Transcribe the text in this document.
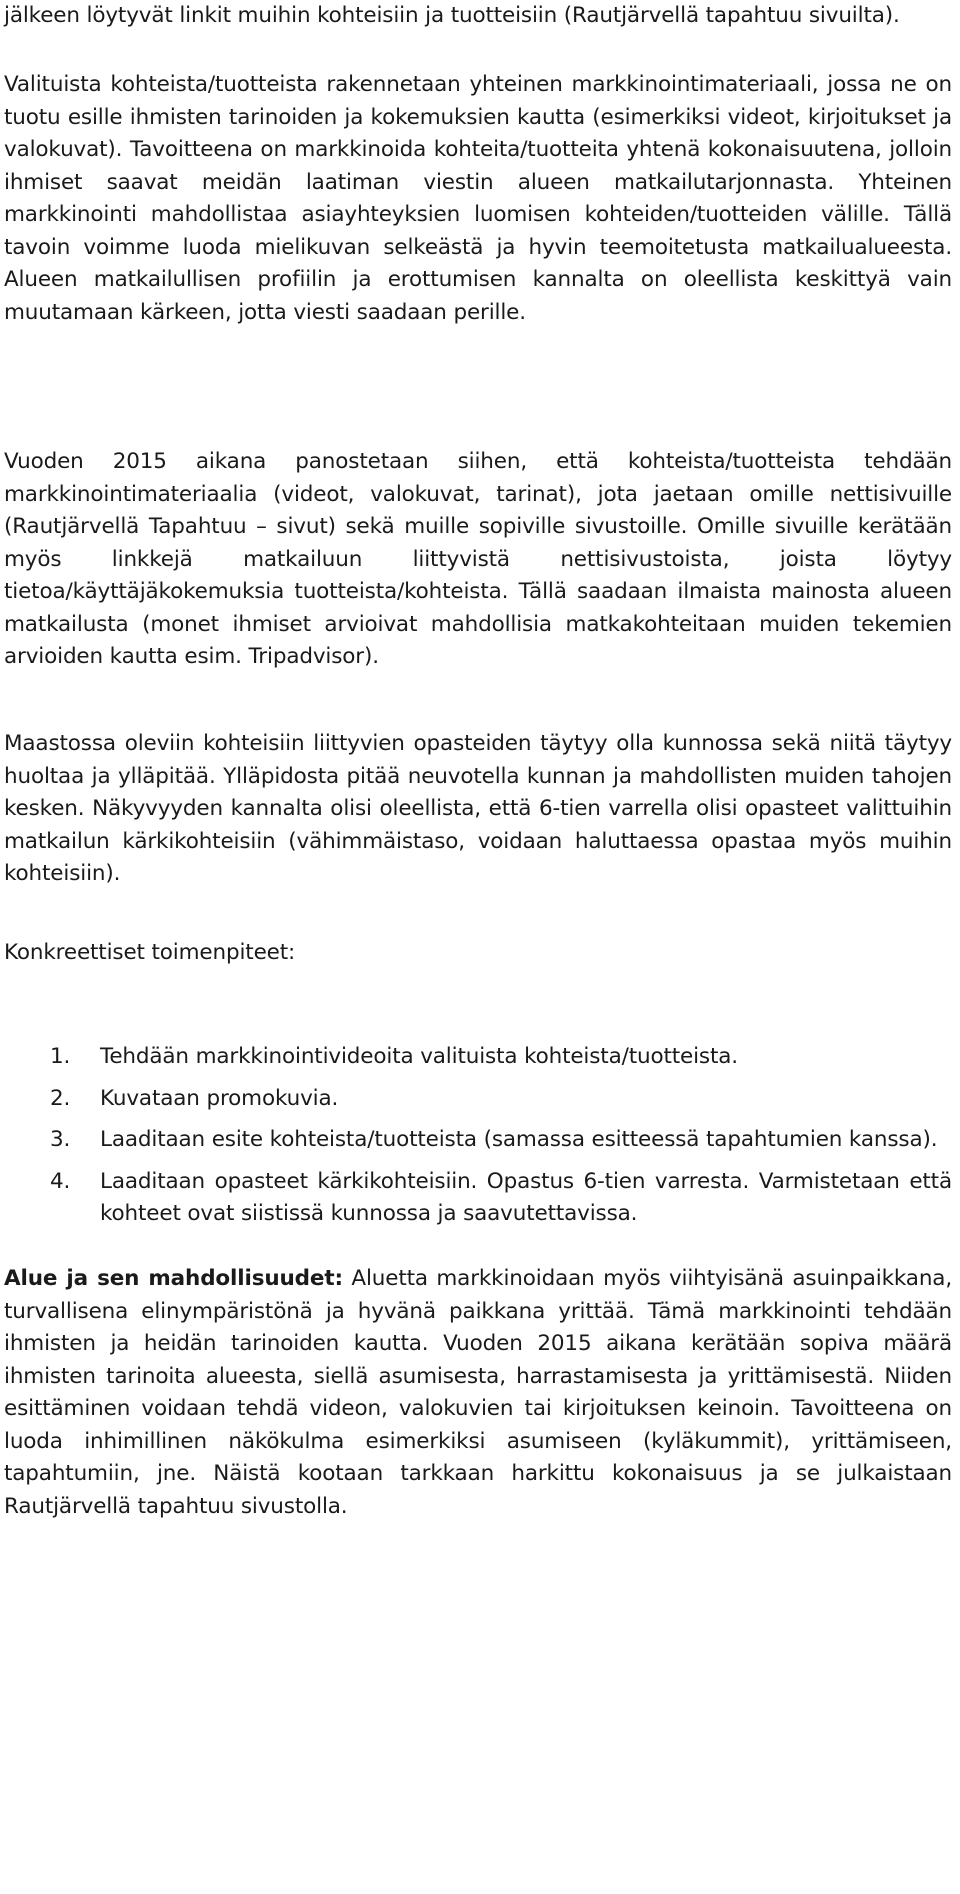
jälkeen löytyvät linkit muihin kohteisiin ja tuotteisiin (Rautjärvellä tapahtuu sivuilta).

Valituista kohteista/tuotteista rakennetaan yhteinen markkinointimateriaali, jossa ne on tuotu esille ihmisten tarinoiden ja kokemuksien kautta (esimerkiksi videot, kirjoitukset ja valokuvat). Tavoitteena on markkinoida kohteita/tuotteita yhtenä kokonaisuutena, jolloin ihmiset saavat meidän laatiman viestin alueen matkailutarjonnasta. Yhteinen markkinointi mahdollistaa asiayhteyksien luomisen kohteiden/tuotteiden välille. Tällä tavoin voimme luoda mielikuvan selkeästä ja hyvin teemoitetusta matkailualueesta. Alueen matkailullisen profiilin ja erottumisen kannalta on oleellista keskittyä vain muutamaan kärkeen, jotta viesti saadaan perille.

Vuoden 2015 aikana panostetaan siihen, että kohteista/tuotteista tehdään markkinointimateriaalia (videot, valokuvat, tarinat), jota jaetaan omille nettisivuille (Rautjärvellä Tapahtuu – sivut) sekä muille sopiville sivustoille. Omille sivuille kerätään myös linkkejä matkailuun liittyvistä nettisivustoista, joista löytyy tietoa/käyttäjäkokemuksia tuotteista/kohteista. Tällä saadaan ilmaista mainosta alueen matkailusta (monet ihmiset arvioivat mahdollisia matkakohteitaan muiden tekemien arvioiden kautta esim. Tripadvisor).

Maastossa oleviin kohteisiin liittyvien opasteiden täytyy olla kunnossa sekä niitä täytyy huoltaa ja ylläpitää. Ylläpidosta pitää neuvotella kunnan ja mahdollisten muiden tahojen kesken. Näkyvyyden kannalta olisi oleellista, että 6-tien varrella olisi opasteet valittuihin matkailun kärkikohteisiin (vähimmäistaso, voidaan haluttaessa opastaa myös muihin kohteisiin).

Konkreettiset toimenpiteet:

1. Tehdään markkinointivideoita valituista kohteista/tuotteista.
2. Kuvataan promokuvia.
3. Laaditaan esite kohteista/tuotteista (samassa esitteessä tapahtumien kanssa).
4. Laaditaan opasteet kärkikohteisiin. Opastus 6-tien varresta. Varmistetaan että kohteet ovat siistissä kunnossa ja saavutettavissa.

Alue ja sen mahdollisuudet: Aluetta markkinoidaan myös viihtyisänä asuinpaikkana, turvallisena elinympäristönä ja hyvänä paikkana yrittää. Tämä markkinointi tehdään ihmisten ja heidän tarinoiden kautta. Vuoden 2015 aikana kerätään sopiva määrä ihmisten tarinoita alueesta, siellä asumisesta, harrastamisesta ja yrittämisestä. Niiden esittäminen voidaan tehdä videon, valokuvien tai kirjoituksen keinoin. Tavoitteena on luoda inhimillinen näkökulma esimerkiksi asumiseen (kyläkummit), yrittämiseen, tapahtumiin, jne. Näistä kootaan tarkkaan harkittu kokonaisuus ja se julkaistaan Rautjärvellä tapahtuu sivustolla.
